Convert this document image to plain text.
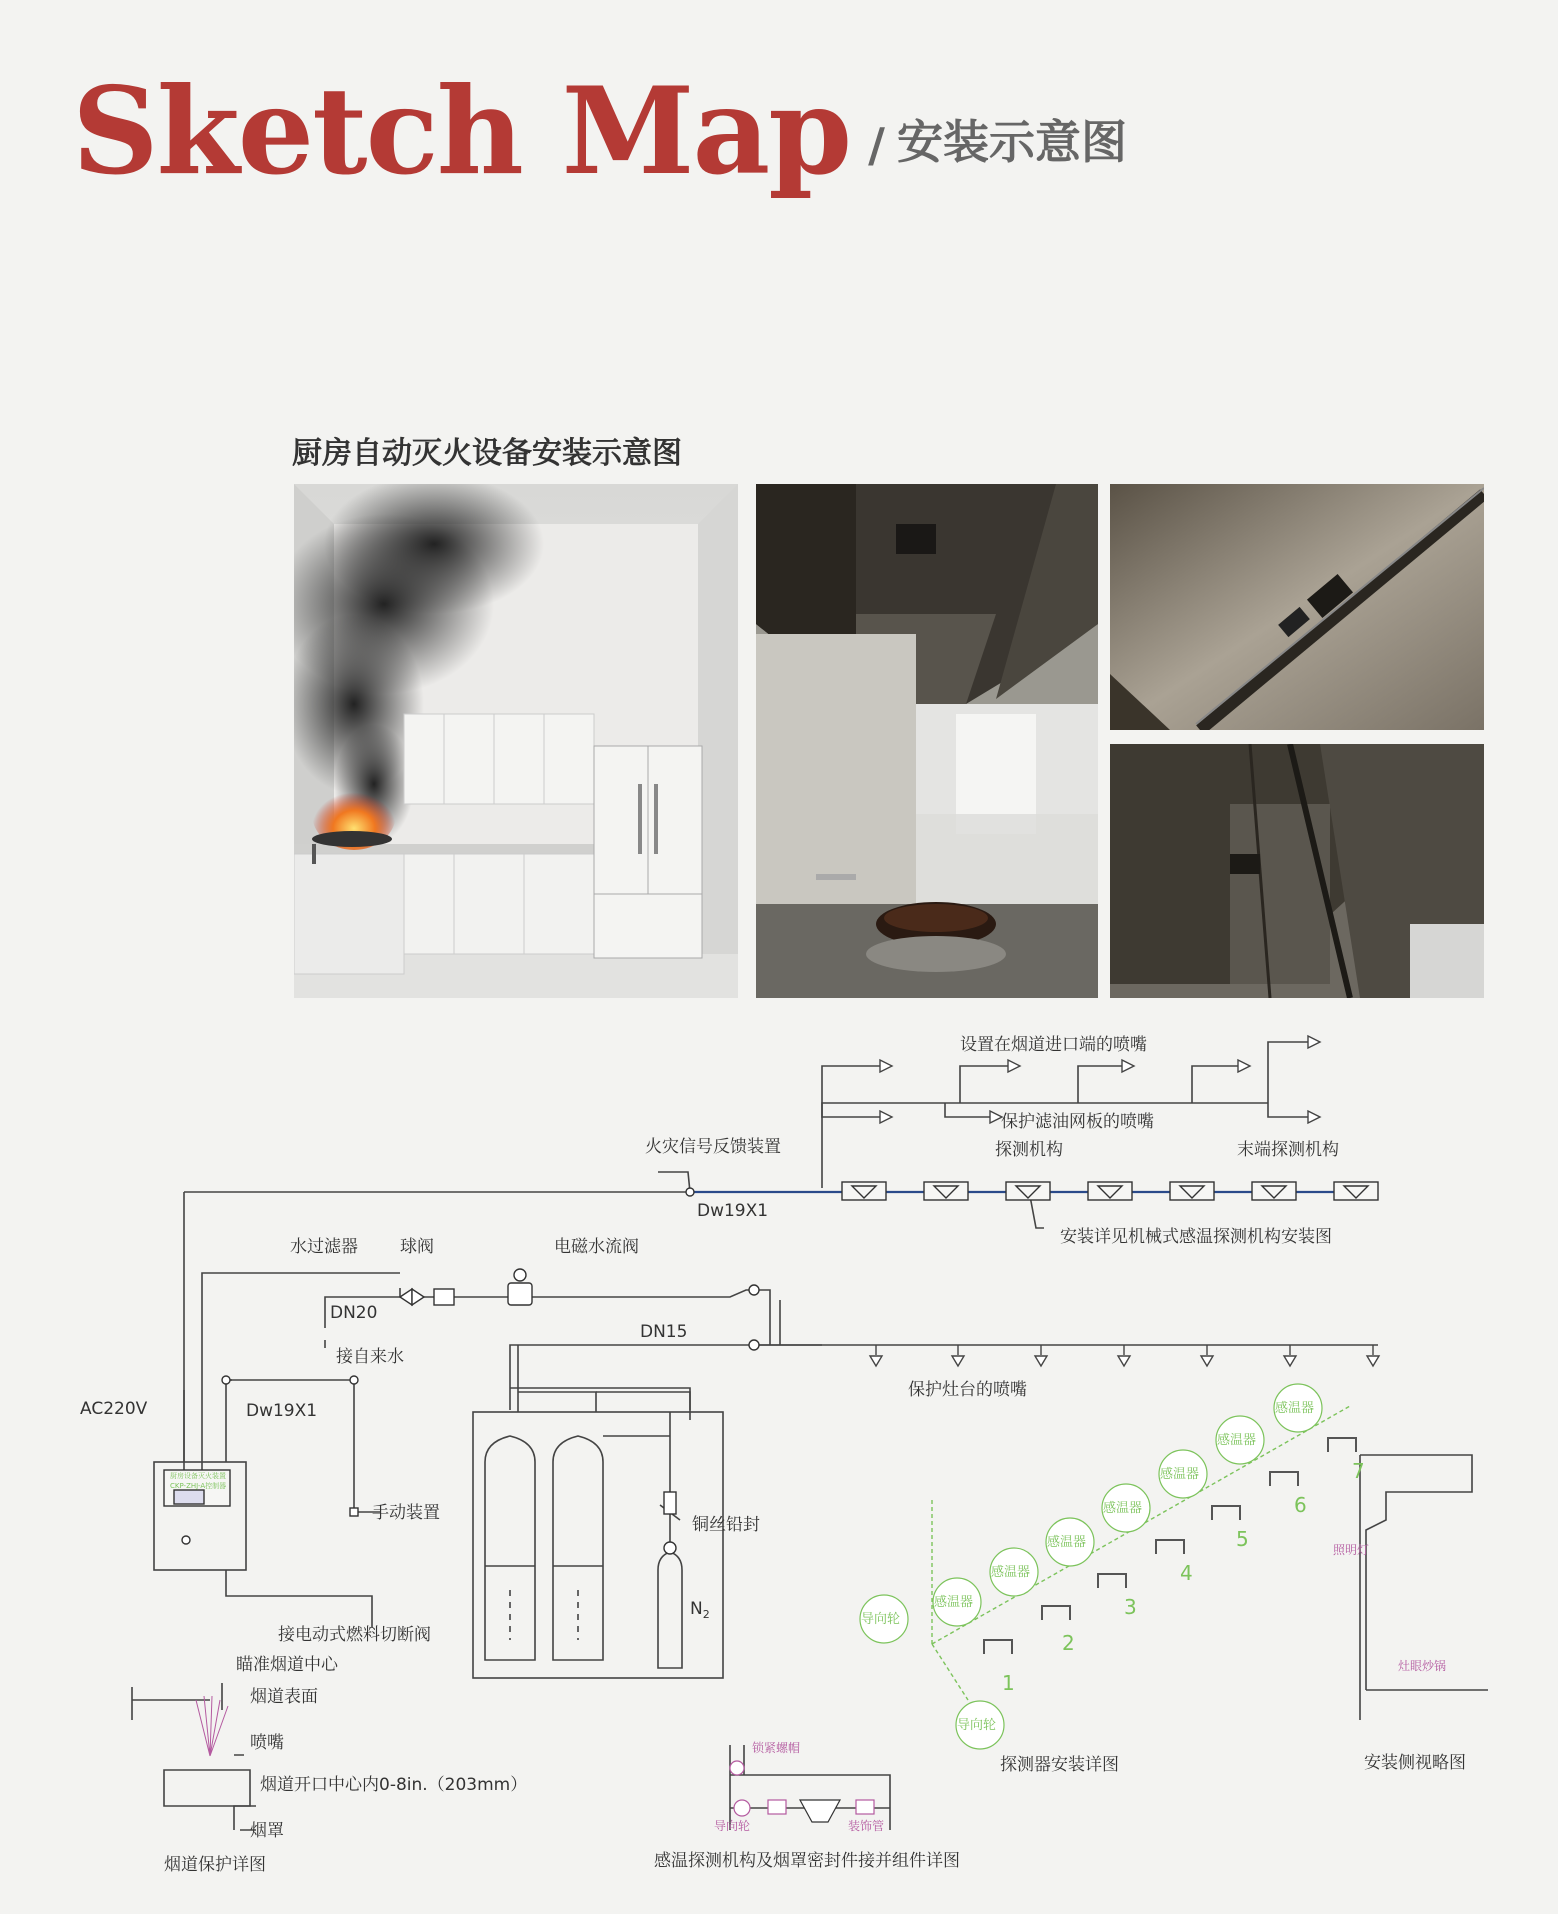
Sketch Map / 安装示意图
厨房自动灭火设备安装示意图
设置在烟道进口端的喷嘴
保护滤油网板的喷嘴
火灾信号反馈装置	探测机构	末端探测机构
Dw19X1
安装详见机械式感温探测机构安装图
水过滤器 球阀	电磁水流阀
DN20
DN15
接自来水
保护灶台的喷嘴
AC220V	Dw19X1
手动装置
铜丝铅封
$N_2$
接电动式燃料切断阀
厨房设备灭火装置
CKP-ZHJ-A控制器
瞄准烟道中心
烟道表面
喷嘴
烟道开口中心内0-8in.（203mm）
烟罩
烟道保护详图
锁紧螺帽
导向轮	装饰管
感温探测机构及烟罩密封件接并组件详图
导向轮
导向轮
感温器
感温器
感温器
感温器
感温器
感温器
感温器
1
2
3
4
5
6
7
探测器安装详图
照明灯
灶眼炒锅
安装侧视略图
